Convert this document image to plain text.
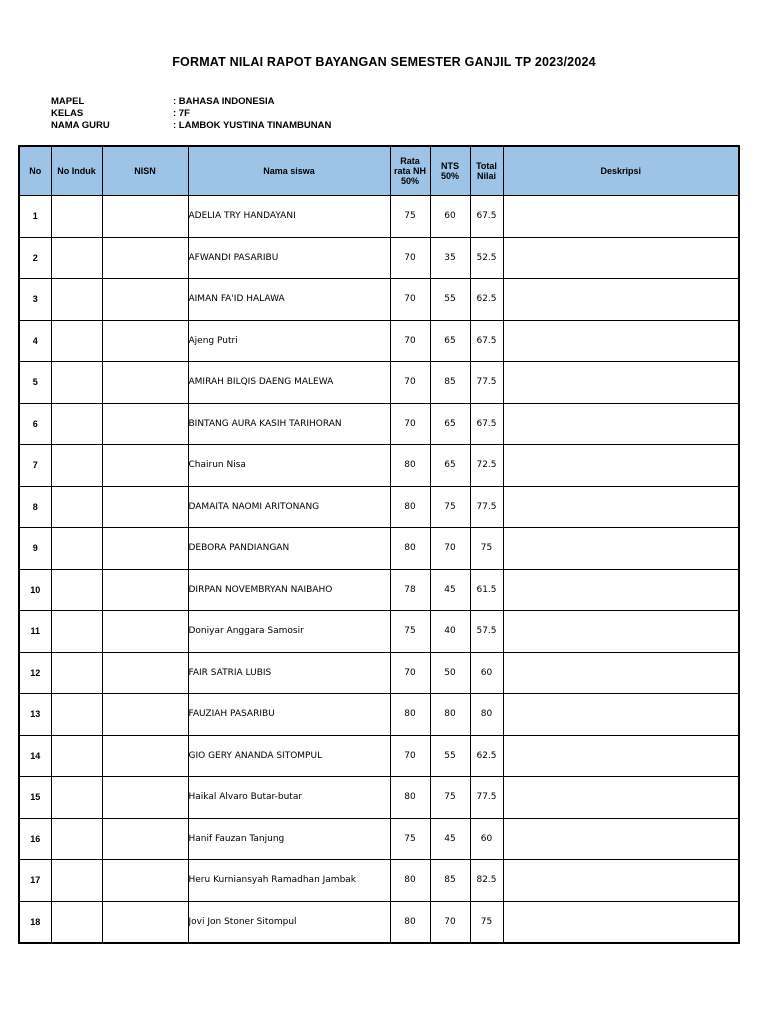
FORMAT NILAI RAPOT BAYANGAN SEMESTER GANJIL TP 2023/2024
MAPEL	: BAHASA INDONESIA
KELAS	: 7F
NAMA GURU	: LAMBOK YUSTINA TINAMBUNAN
No	No Induk	NISN	Nama siswa	Rata
rata NH
50%	NTS
50%	Total
Nilai	Deskripsi
1			ADELIA TRY HANDAYANI	75	60	67.5	
2			AFWANDI PASARIBU	70	35	52.5	
3			AIMAN FA'ID HALAWA	70	55	62.5	
4			Ajeng Putri	70	65	67.5	
5			AMIRAH BILQIS DAENG MALEWA	70	85	77.5	
6			BINTANG AURA KASIH TARIHORAN	70	65	67.5	
7			Chairun Nisa	80	65	72.5	
8			DAMAITA NAOMI ARITONANG	80	75	77.5	
9			DEBORA PANDIANGAN	80	70	75	
10			DIRPAN NOVEMBRYAN NAIBAHO	78	45	61.5	
11			Doniyar Anggara Samosir	75	40	57.5	
12			FAIR SATRIA LUBIS	70	50	60	
13			FAUZIAH PASARIBU	80	80	80	
14			GIO GERY ANANDA SITOMPUL	70	55	62.5	
15			Haikal Alvaro Butar-butar	80	75	77.5	
16			Hanif Fauzan Tanjung	75	45	60	
17			Heru Kurniansyah Ramadhan Jambak	80	85	82.5	
18			Jovi Jon Stoner Sitompul	80	70	75	
